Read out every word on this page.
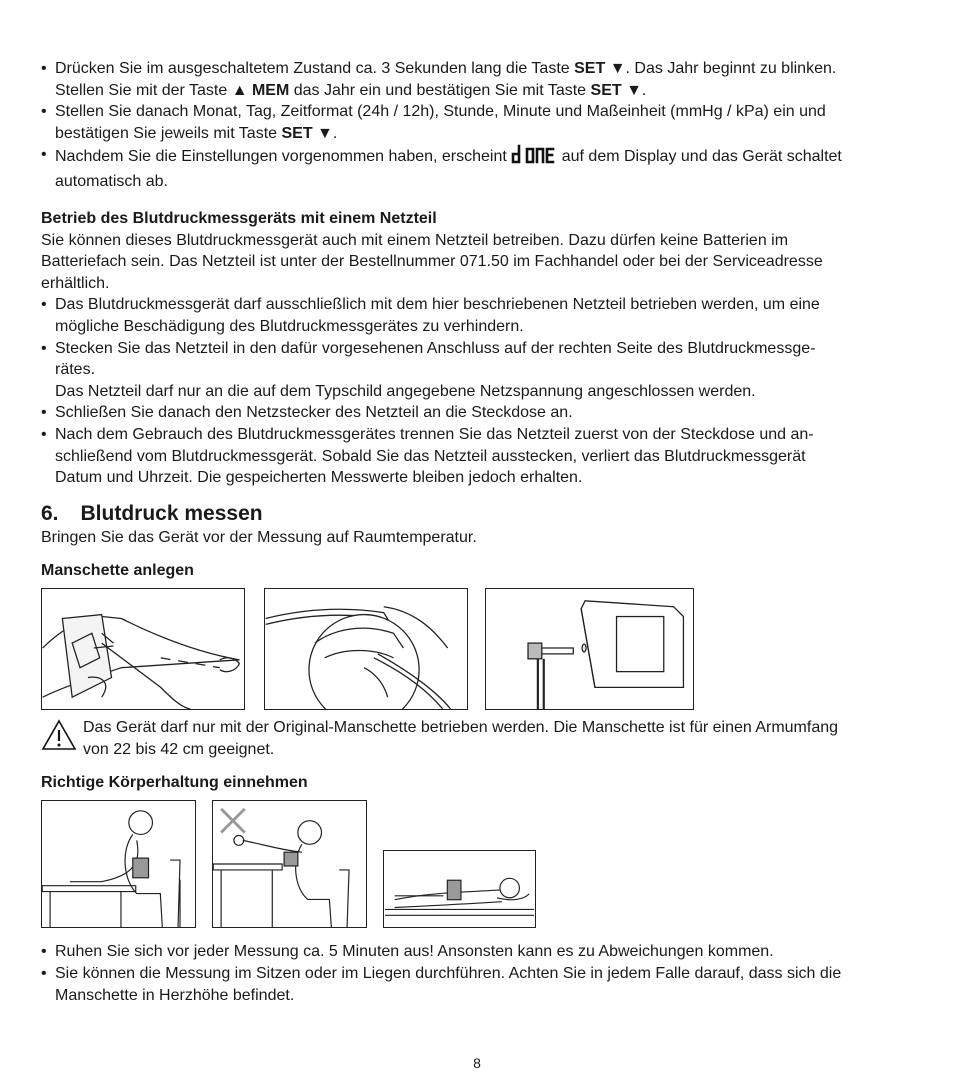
• Drücken Sie im ausgeschaltetem Zustand ca. 3 Sekunden lang die Taste SET ▼. Das Jahr beginnt zu blinken.
Stellen Sie mit der Taste ▲ MEM das Jahr ein und bestätigen Sie mit Taste SET ▼.
• Stellen Sie danach Monat, Tag, Zeitformat (24h / 12h), Stunde, Minute und Maßeinheit (mmHg / kPa) ein und
bestätigen Sie jeweils mit Taste SET ▼.
• Nachdem Sie die Einstellungen vorgenommen haben, erscheint	auf dem Display und das Gerät schaltet
automatisch ab.
Betrieb des Blutdruckmessgeräts mit einem Netzteil

Sie können dieses Blutdruckmessgerät auch mit einem Netzteil betreiben. Dazu dürfen keine Batterien im
Batteriefach sein. Das Netzteil ist unter der Bestellnummer 071.50 im Fachhandel oder bei der Serviceadresse
erhältlich.

• Das Blutdruckmessgerät darf ausschließlich mit dem hier beschriebenen Netzteil betrieben werden, um eine
mögliche Beschädigung des Blutdruckmessgerätes zu verhindern.
• Stecken Sie das Netzteil in den dafür vorgesehenen Anschluss auf der rechten Seite des Blutdruckmessge-
rätes.
Das Netzteil darf nur an die auf dem Typschild angegebene Netzspannung angeschlossen werden.
• Schließen Sie danach den Netzstecker des Netzteil an die Steckdose an.
• Nach dem Gebrauch des Blutdruckmessgerätes trennen Sie das Netzteil zuerst von der Steckdose und an-
schließend vom Blutdruckmessgerät. Sobald Sie das Netzteil ausstecken, verliert das Blutdruckmessgerät
Datum und Uhrzeit. Die gespeicherten Messwerte bleiben jedoch erhalten.
6. Blutdruck messen

Bringen Sie das Gerät vor der Messung auf Raumtemperatur.

Manschette anlegen
Das Gerät darf nur mit der Original-Manschette betrieben werden. Die Manschette ist für einen Armumfang
von 22 bis 42 cm geeignet.
Richtige Körperhaltung einnehmen
• Ruhen Sie sich vor jeder Messung ca. 5 Minuten aus! Ansonsten kann es zu Abweichungen kommen.
• Sie können die Messung im Sitzen oder im Liegen durchführen. Achten Sie in jedem Falle darauf, dass sich die
Manschette in Herzhöhe befindet.
8
